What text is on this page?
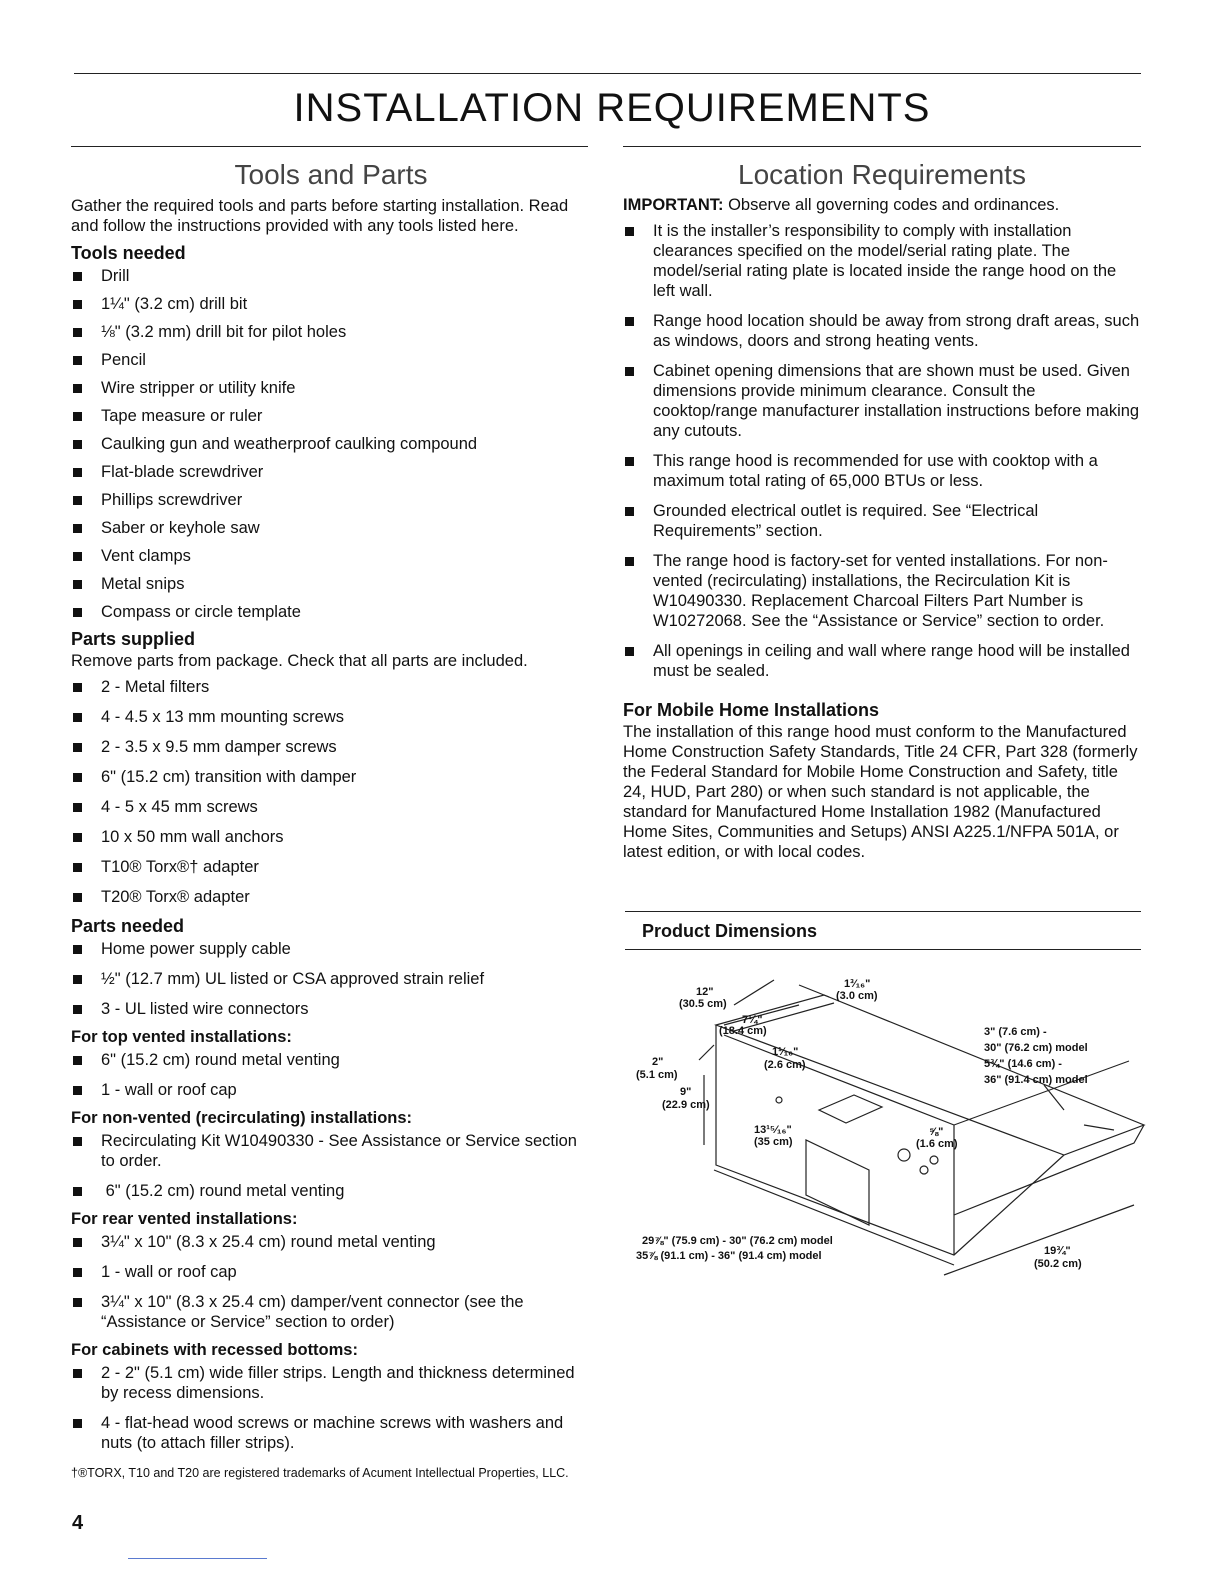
INSTALLATION REQUIREMENTS
Tools and Parts

Gather the required tools and parts before starting installation. Read and follow the instructions provided with any tools listed here.

Tools needed
Drill
1¼" (3.2 cm) drill bit
⅛" (3.2 mm) drill bit for pilot holes
Pencil
Wire stripper or utility knife
Tape measure or ruler
Caulking gun and weatherproof caulking compound
Flat-blade screwdriver
Phillips screwdriver
Saber or keyhole saw
Vent clamps
Metal snips
Compass or circle template
Parts supplied

Remove parts from package. Check that all parts are included.

2 - Metal filters
4 - 4.5 x 13 mm mounting screws
2 - 3.5 x 9.5 mm damper screws
6" (15.2 cm) transition with damper
4 - 5 x 45 mm screws
10 x 50 mm wall anchors
T10® Torx®† adapter
T20® Torx® adapter
Parts needed
Home power supply cable
½" (12.7 mm) UL listed or CSA approved strain relief
3 - UL listed wire connectors
For top vented installations:
6" (15.2 cm) round metal venting
1 - wall or roof cap
For non-vented (recirculating) installations:
Recirculating Kit W10490330 - See Assistance or Service section to order.
6" (15.2 cm) round metal venting
For rear vented installations:
3¼" x 10" (8.3 x 25.4 cm) round metal venting
1 - wall or roof cap
3¼" x 10" (8.3 x 25.4 cm) damper/vent connector (see the “Assistance or Service” section to order)
For cabinets with recessed bottoms:
2 - 2" (5.1 cm) wide filler strips. Length and thickness determined by recess dimensions.
4 - flat-head wood screws or machine screws with washers and nuts (to attach filler strips).

†®TORX, T10 and T20 are registered trademarks of Acument Intellectual Properties, LLC.

Location Requirements

IMPORTANT: Observe all governing codes and ordinances.

It is the installer’s responsibility to comply with installation clearances specified on the model/serial rating plate. The model/serial rating plate is located inside the range hood on the left wall.
Range hood location should be away from strong draft areas, such as windows, doors and strong heating vents.
Cabinet opening dimensions that are shown must be used. Given dimensions provide minimum clearance. Consult the cooktop/range manufacturer installation instructions before making any cutouts.
This range hood is recommended for use with cooktop with a maximum total rating of 65,000 BTUs or less.
Grounded electrical outlet is required. See “Electrical Requirements” section.
The range hood is factory-set for vented installations. For non-vented (recirculating) installations, the Recirculation Kit is W10490330. Replacement Charcoal Filters Part Number is W10272068. See the “Assistance or Service” section to order.
All openings in ceiling and wall where range hood will be installed must be sealed.
For Mobile Home Installations

The installation of this range hood must conform to the Manufactured Home Construction Safety Standards, Title 24 CFR, Part 328 (formerly the Federal Standard for Mobile Home Construction and Safety, title 24, HUD, Part 280) or when such standard is not applicable, the standard for Manufactured Home Installation 1982 (Manufactured Home Sites, Communities and Setups) ANSI A225.1/NFPA 501A, or latest edition, or with local codes.

Product Dimensions
12"
(30.5 cm)
1³⁄₁₆"
(3.0 cm)
7¼"
(18.4 cm)	3" (7.6 cm) -
30" (76.2 cm) model
5¾" (14.6 cm) -
36" (91.4 cm) model
2"
(5.1 cm)
1¹⁄₁₆"
(2.6 cm)
9"
(22.9 cm)
13¹⁵⁄₁₆"
(35 cm)
⅝"
(1.6 cm)
29⅞" (75.9 cm) - 30" (76.2 cm) model
35⅞ (91.1 cm) - 36" (91.4 cm) model	19¾"
(50.2 cm)
4
